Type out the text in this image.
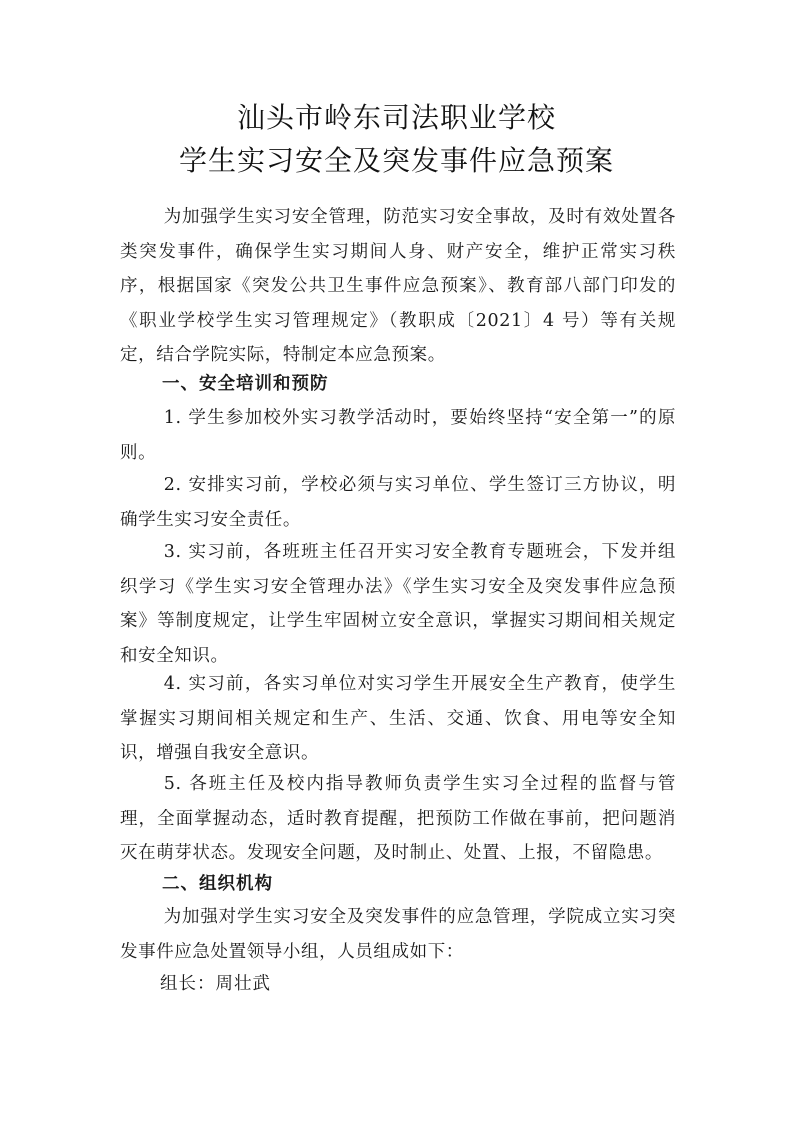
汕头市岭东司法职业学校
学生实习安全及突发事件应急预案
为加强学生实习安全管理，防范实习安全事故，及时有效处置各类突发事件，确保学生实习期间人身、财产安全，维护正常实习秩序，根据国家《突发公共卫生事件应急预案》、教育部八部门印发的《职业学校学生实习管理规定》（教职成〔2021〕4 号）等有关规定，结合学院实际，特制定本应急预案。
一、安全培训和预防
1. 学生参加校外实习教学活动时，要始终坚持“安全第一”的原则。
2. 安排实习前，学校必须与实习单位、学生签订三方协议，明确学生实习安全责任。
3. 实习前，各班班主任召开实习安全教育专题班会，下发并组织学习《学生实习安全管理办法》《学生实习安全及突发事件应急预案》等制度规定，让学生牢固树立安全意识，掌握实习期间相关规定和安全知识。
4. 实习前，各实习单位对实习学生开展安全生产教育，使学生掌握实习期间相关规定和生产、生活、交通、饮食、用电等安全知识，增强自我安全意识。
5. 各班主任及校内指导教师负责学生实习全过程的监督与管理，全面掌握动态，适时教育提醒，把预防工作做在事前，把问题消灭在萌芽状态。发现安全问题，及时制止、处置、上报，不留隐患。
二、组织机构
为加强对学生实习安全及突发事件的应急管理，学院成立实习突发事件应急处置领导小组，人员组成如下：
组长：周壮武
